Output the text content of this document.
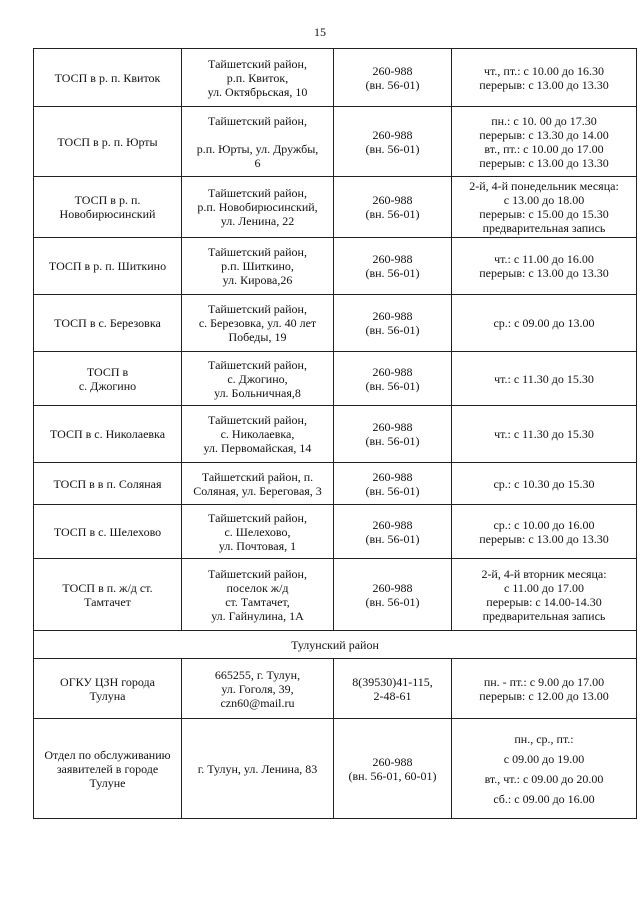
15
ТОСП в р. п. Квиток	Тайшетский район,
р.п. Квиток,
ул. Октябрьская, 10	260-988
(вн. 56-01)	чт., пт.: с 10.00 до 16.30
перерыв: с 13.00 до 13.30

ТОСП в р. п. Юрты	Тайшетский район,

р.п. Юрты, ул. Дружбы,
6	260-988
(вн. 56-01)	пн.: с 10. 00 до 17.30
перерыв: с 13.30 до 14.00
вт., пт.: с 10.00 до 17.00
перерыв: с 13.00 до 13.30

ТОСП в р. п.
Новобирюсинский	Тайшетский район,
р.п. Новобирюсинский,
ул. Ленина, 22	260-988
(вн. 56-01)	2-й, 4-й понедельник месяца:
с 13.00 до 18.00
перерыв: с 15.00 до 15.30
предварительная запись

ТОСП в р. п. Шиткино	Тайшетский район,
р.п. Шиткино,
ул. Кирова,26	260-988
(вн. 56-01)	чт.: с 11.00 до 16.00
перерыв: с 13.00 до 13.30

ТОСП в с. Березовка	Тайшетский район,
с. Березовка, ул. 40 лет
Победы, 19	260-988
(вн. 56-01)	ср.: с 09.00 до 13.00

ТОСП в
с. Джогино	Тайшетский район,
с. Джогино,
ул. Больничная,8	260-988
(вн. 56-01)	чт.: с 11.30 до 15.30

ТОСП в с. Николаевка	Тайшетский район,
с. Николаевка,
ул. Первомайская, 14	260-988
(вн. 56-01)	чт.: с 11.30 до 15.30

ТОСП в в п. Соляная	Тайшетский район, п.
Соляная, ул. Береговая, 3	260-988
(вн. 56-01)	ср.: с 10.30 до 15.30

ТОСП в с. Шелехово	Тайшетский район,
с. Шелехово,
ул. Почтовая, 1	260-988
(вн. 56-01)	ср.: с 10.00 до 16.00
перерыв: с 13.00 до 13.30

ТОСП в п. ж/д ст.
Тамтачет	Тайшетский район,
поселок ж/д
ст. Тамтачет,
ул. Гайнулина, 1А	260-988
(вн. 56-01)	2-й, 4-й вторник месяца:
с 11.00 до 17.00
перерыв: с 14.00-14.30
предварительная запись

Тулунский район			

ОГКУ ЦЗН города
Тулуна	665255, г. Тулун,
ул. Гоголя, 39,
czn60@mail.ru	8(39530)41-115,
2-48-61	пн. - пт.: с 9.00 до 17.00
перерыв: с 12.00 до 13.00

Отдел по обслуживанию
заявителей в городе
Тулуне	г. Тулун, ул. Ленина, 83	260-988
(вн. 56-01, 60-01)	пн., ср., пт.:
с 09.00 до 19.00
вт., чт.: с 09.00 до 20.00
сб.: с 09.00 до 16.00
